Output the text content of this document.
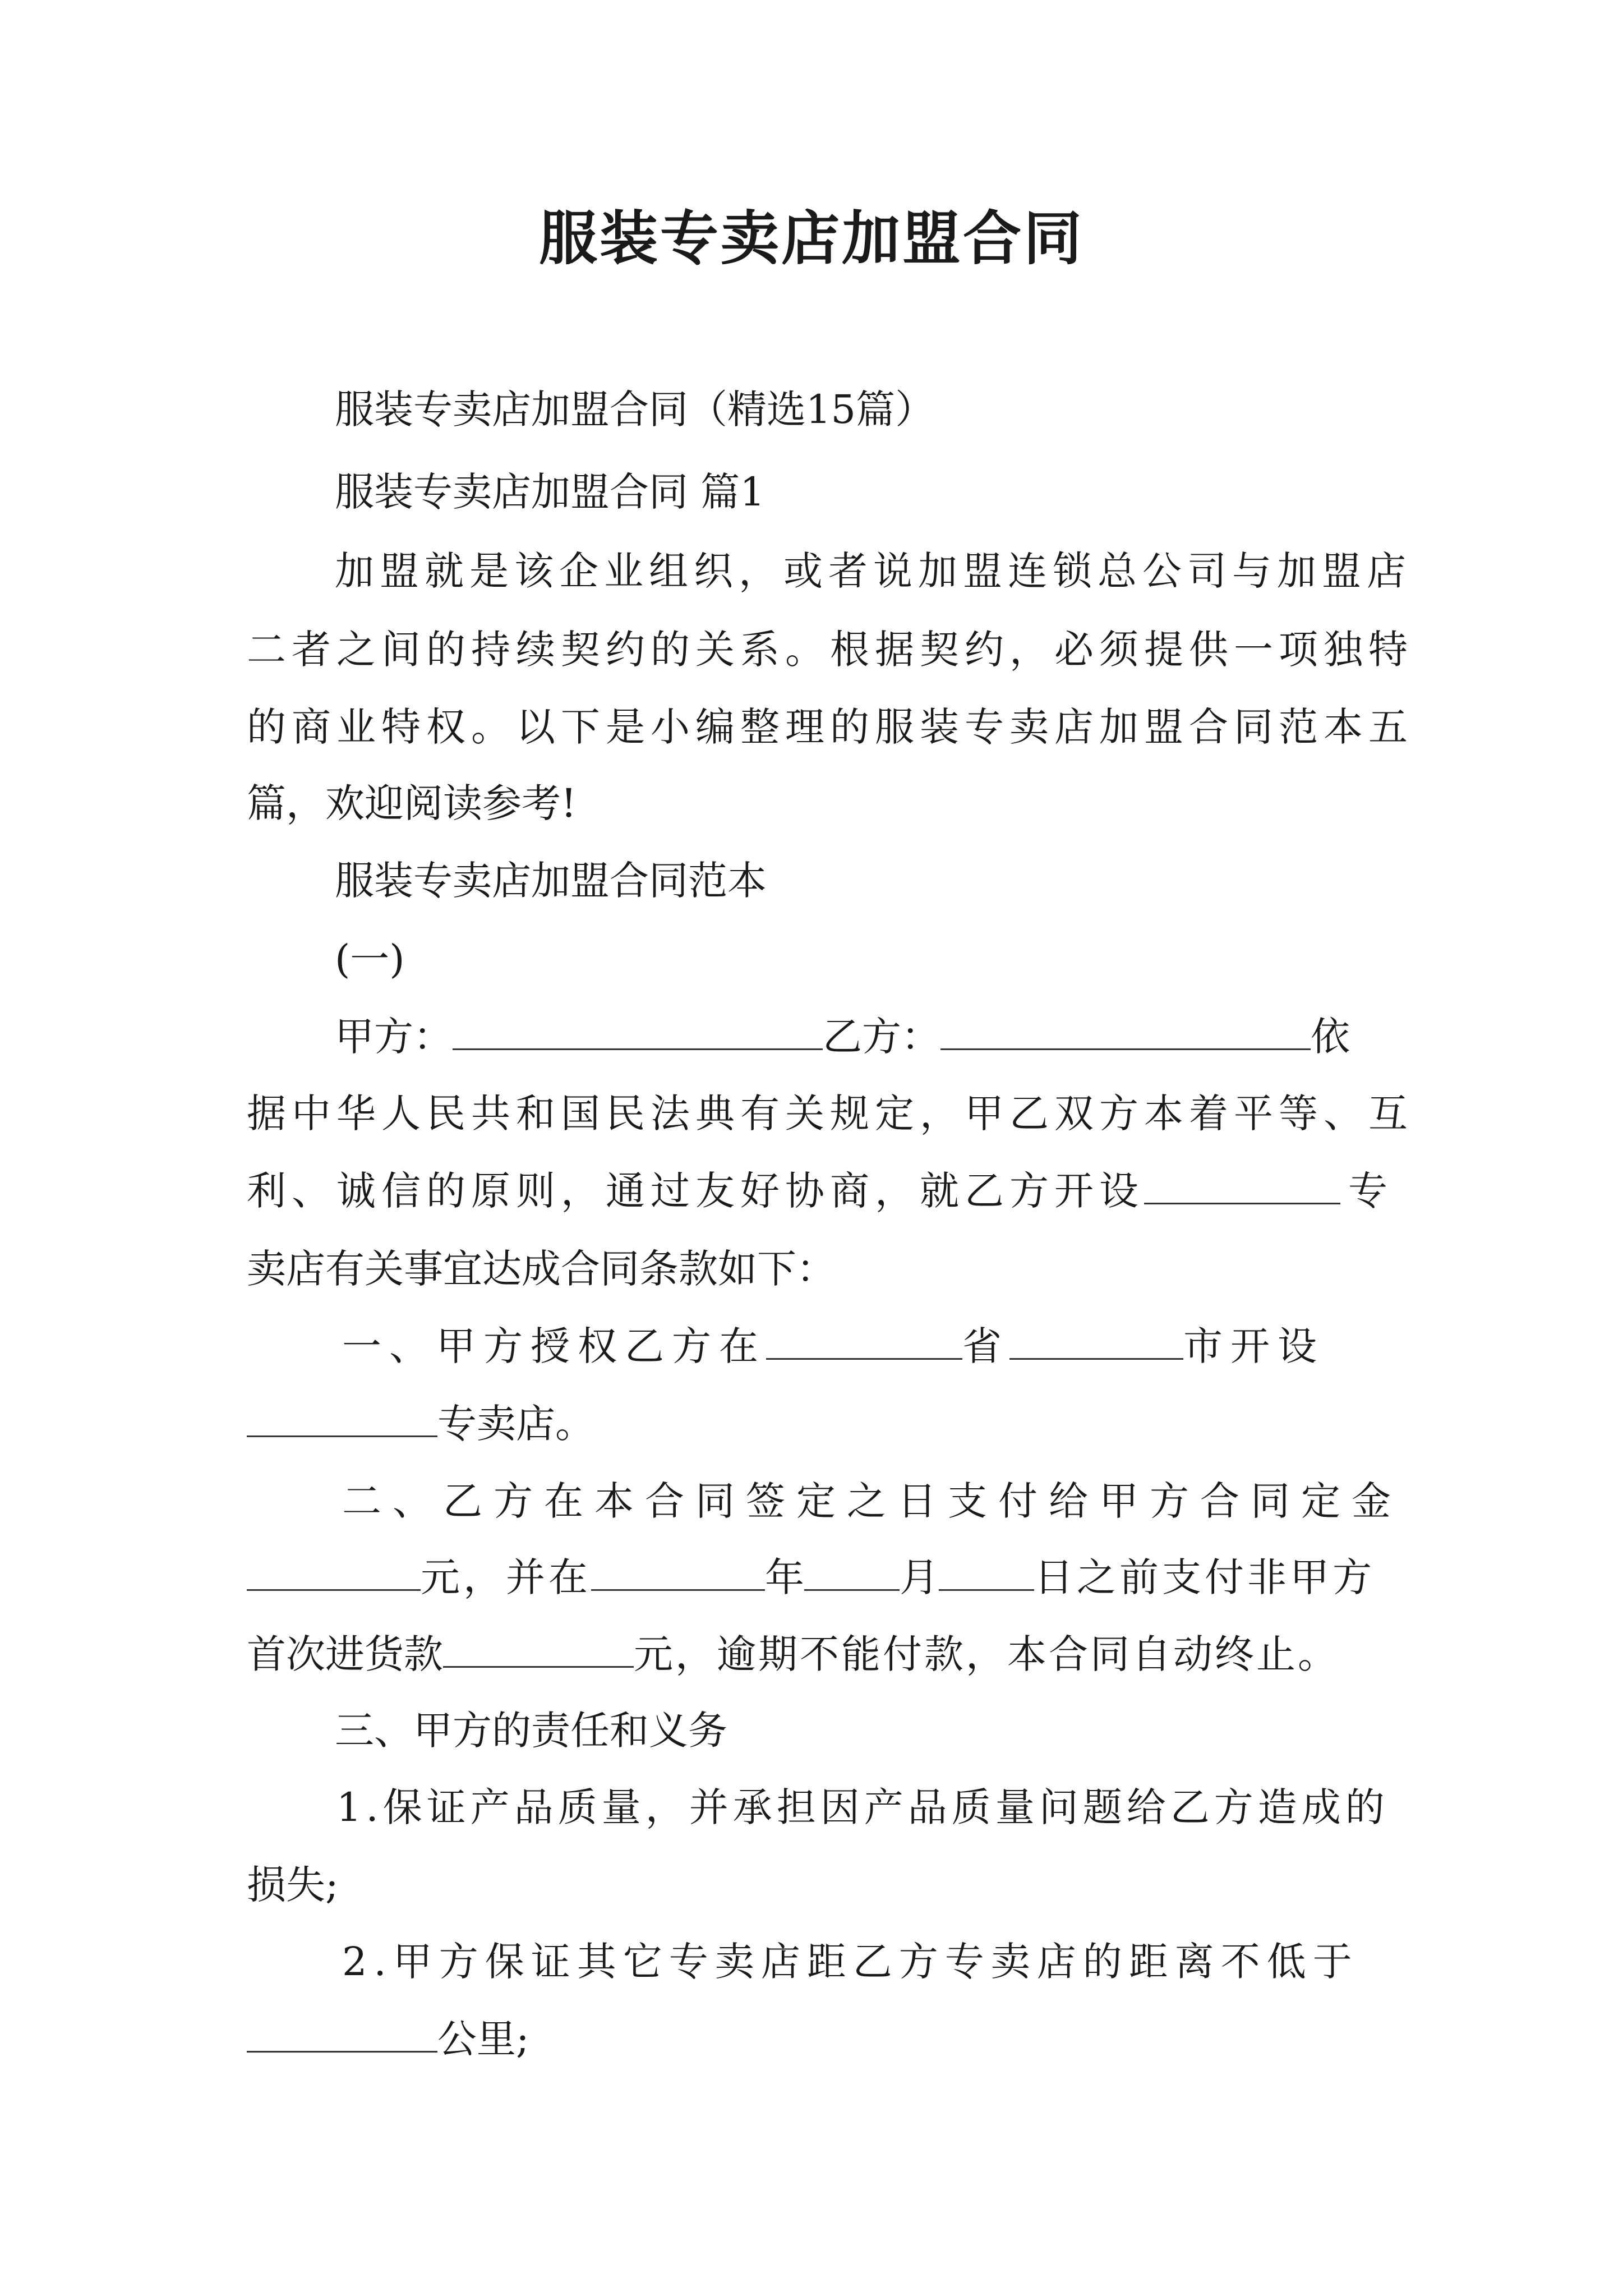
服装专卖店加盟合同
服装专卖店加盟合同（精选15篇）
服装专卖店加盟合同 篇1
加盟就是该企业组织，或者说加盟连锁总公司与加盟店
二者之间的持续契约的关系。根据契约，必须提供一项独特
的商业特权。以下是小编整理的服装专卖店加盟合同范本五
篇，欢迎阅读参考!
服装专卖店加盟合同范本
(一)
甲方：	乙方：	依
据中华人民共和国民法典有关规定，甲乙双方本着平等、互
利、诚信的原则，通过友好协商，就乙方开设	专
卖店有关事宜达成合同条款如下：
一、甲方授权乙方在	省	市开设
专卖店。
二、乙方在本合同签定之日支付给甲方合同定金
元，并在	年 月 日之前支付非甲方
首次进货款	元，逾期不能付款，本合同自动终止。
三、甲方的责任和义务
1.保证产品质量，并承担因产品质量问题给乙方造成的
损失;
2.甲方保证其它专卖店距乙方专卖店的距离不低于
公里;
